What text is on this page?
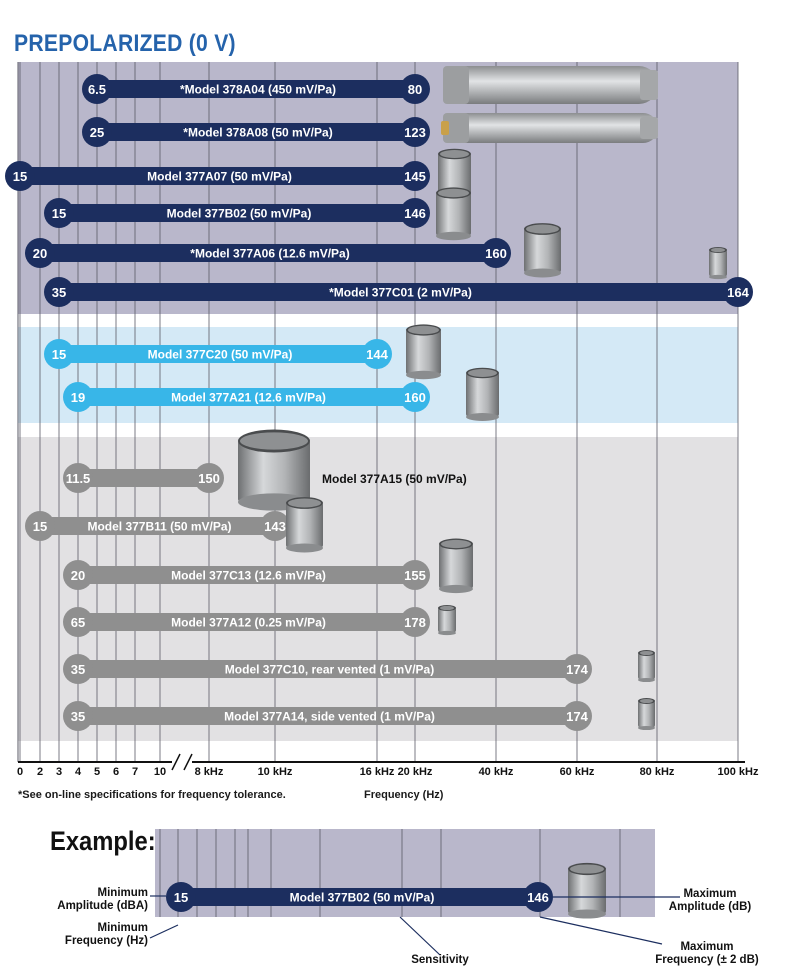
PREPOLARIZED (0 V)
6.5	80
*Model 378A04 (450 mV/Pa)
25	123
*Model 378A08 (50 mV/Pa)
15	145
Model 377A07 (50 mV/Pa)
15	146
Model 377B02 (50 mV/Pa)
20	160
*Model 377A06 (12.6 mV/Pa)
35	164
*Model 377C01 (2 mV/Pa)
15	144
Model 377C20 (50 mV/Pa)
19	160
Model 377A21 (12.6 mV/Pa)
11.5	150	Model 377A15 (50 mV/Pa)
15	143
Model 377B11 (50 mV/Pa)
20	155
Model 377C13 (12.6 mV/Pa)
65	178
Model 377A12 (0.25 mV/Pa)
35	174
Model 377C10, rear vented (1 mV/Pa)
35	174
Model 377A14, side vented (1 mV/Pa)
0 2 3 4 5 6 7 10	8 kHz	10 kHz	16 kHz 20 kHz	40 kHz	60 kHz	80 kHz	100 kHz
15	146
Model 377B02 (50 mV/Pa)
*See on-line specifications for frequency tolerance.	Frequency (Hz)
Example:
Minimum
Amplitude (dBA)
Minimum
Frequency (Hz)
Sensitivity
Maximum
Amplitude (dB)
Maximum
Frequency (± 2 dB)
